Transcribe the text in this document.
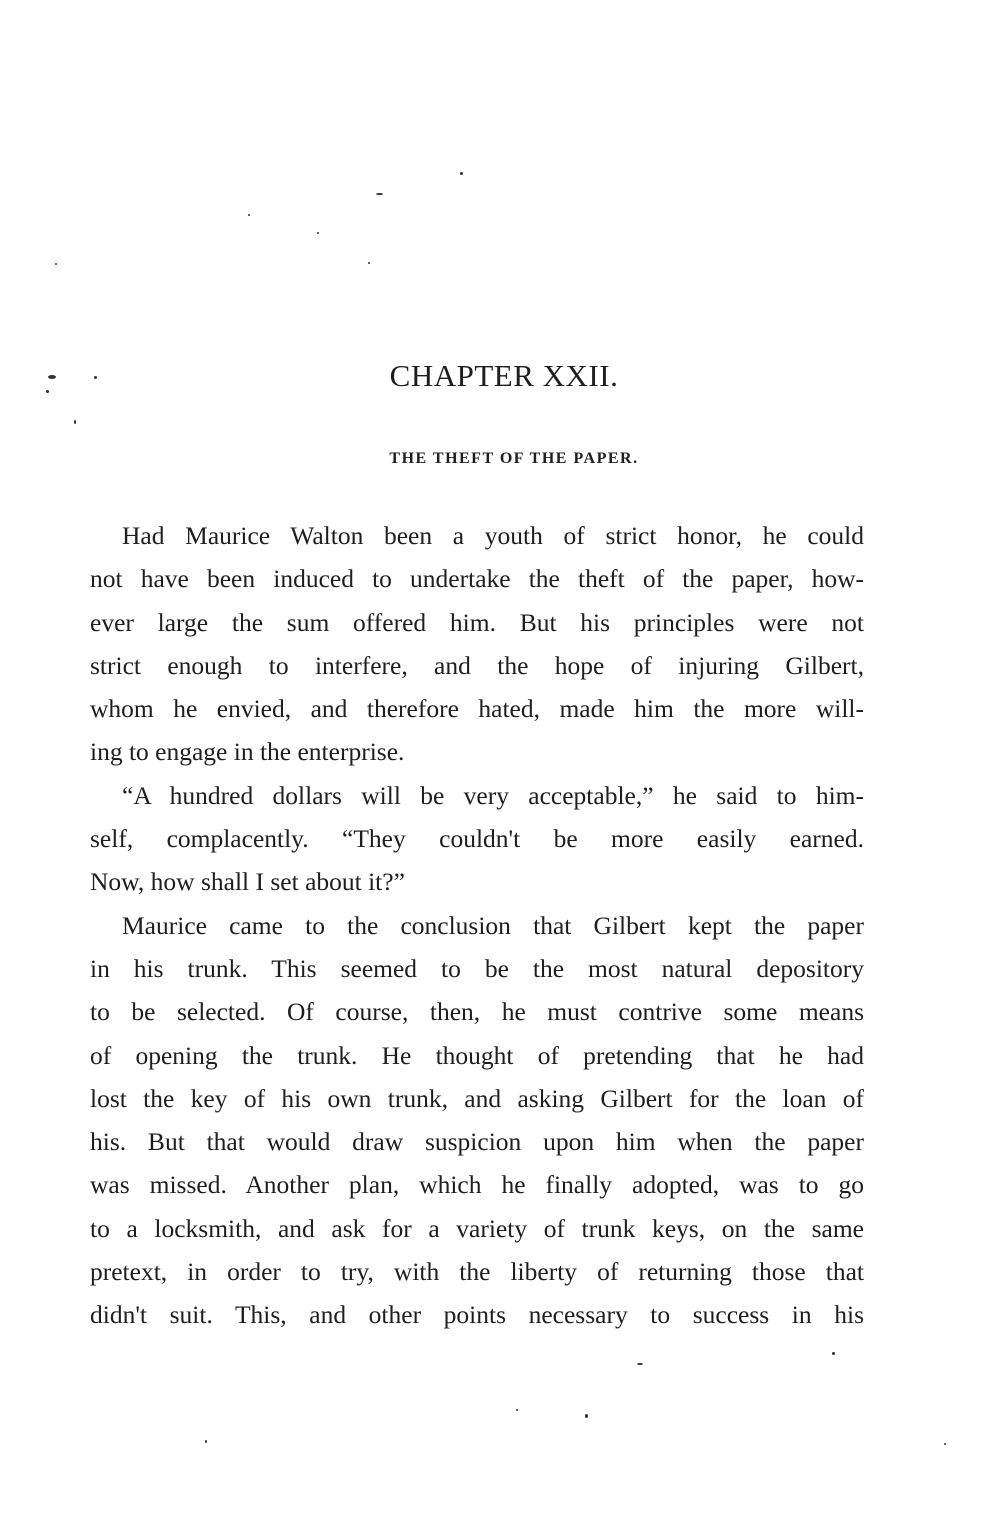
CHAPTER XXII.
THE THEFT OF THE PAPER.
Had Maurice Walton been a youth of strict honor, he could
not have been induced to undertake the theft of the paper, how-
ever large the sum offered him. But his principles were not
strict enough to interfere, and the hope of injuring Gilbert,
whom he envied, and therefore hated, made him the more will-
ing to engage in the enterprise.
“A hundred dollars will be very acceptable,” he said to him-
self, complacently. “They couldn't be more easily earned.
Now, how shall I set about it?”
Maurice came to the conclusion that Gilbert kept the paper
in his trunk. This seemed to be the most natural depository
to be selected. Of course, then, he must contrive some means
of opening the trunk. He thought of pretending that he had
lost the key of his own trunk, and asking Gilbert for the loan of
his. But that would draw suspicion upon him when the paper
was missed. Another plan, which he finally adopted, was to go
to a locksmith, and ask for a variety of trunk keys, on the same
pretext, in order to try, with the liberty of returning those that
didn't suit. This, and other points necessary to success in his
